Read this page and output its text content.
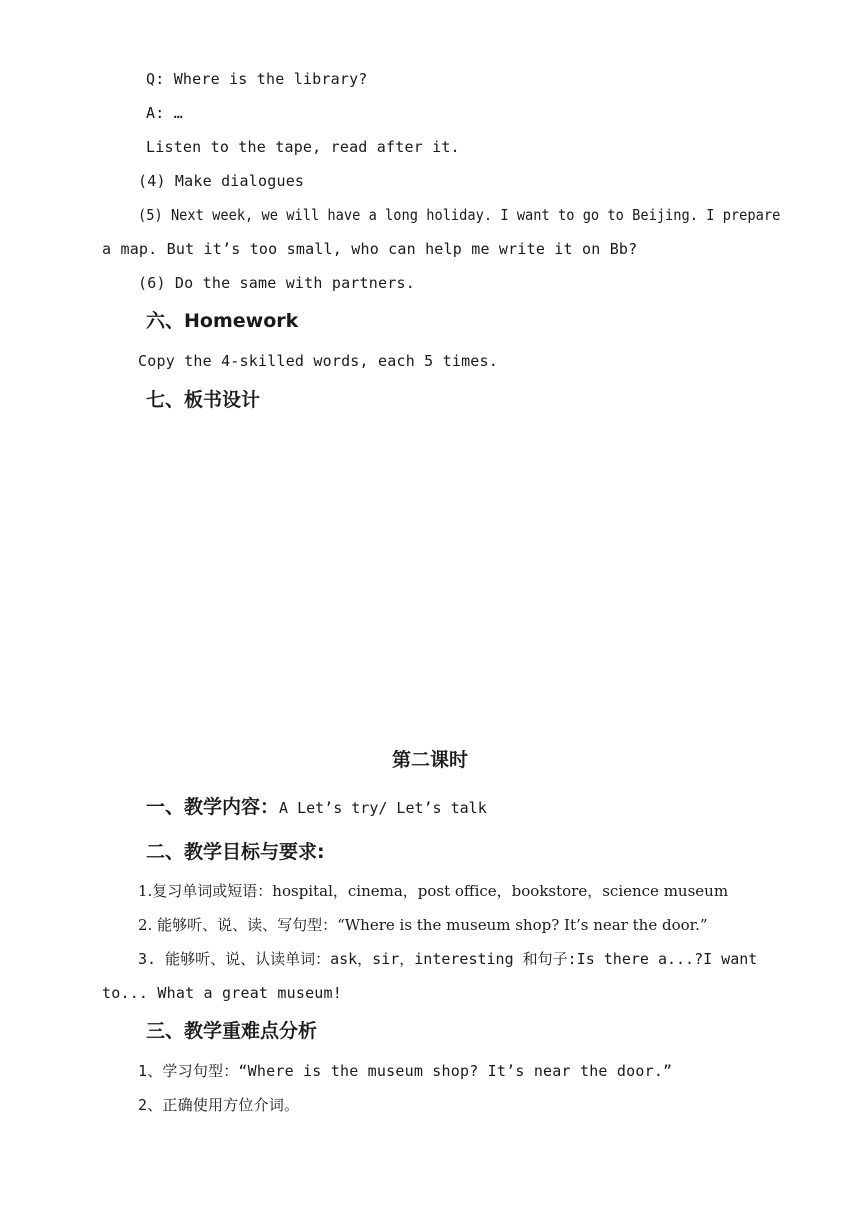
Q: Where is the library?
A: …
Listen to the tape, read after it.
(4) Make dialogues
(5) Next week, we will have a long holiday. I want to go to Beijing. I prepare
a map. But it’s too small, who can help me write it on Bb?
(6) Do the same with partners.
六、Homework
Copy the 4-skilled words, each 5 times.
七、板书设计
第二课时
一、教学内容：A Let’s try/ Let’s talk
二、教学目标与要求:
1.复习单词或短语：hospital，cinema，post office，bookstore，science museum
2. 能够听、说、读、写句型：“Where is the museum shop? It’s near the door.”
3. 能够听、说、认读单词：ask，sir，interesting 和句子:Is there a...?I want
to... What a great museum!
三、教学重难点分析
1、学习句型：“Where is the museum shop? It’s near the door.”
2、正确使用方位介词。
